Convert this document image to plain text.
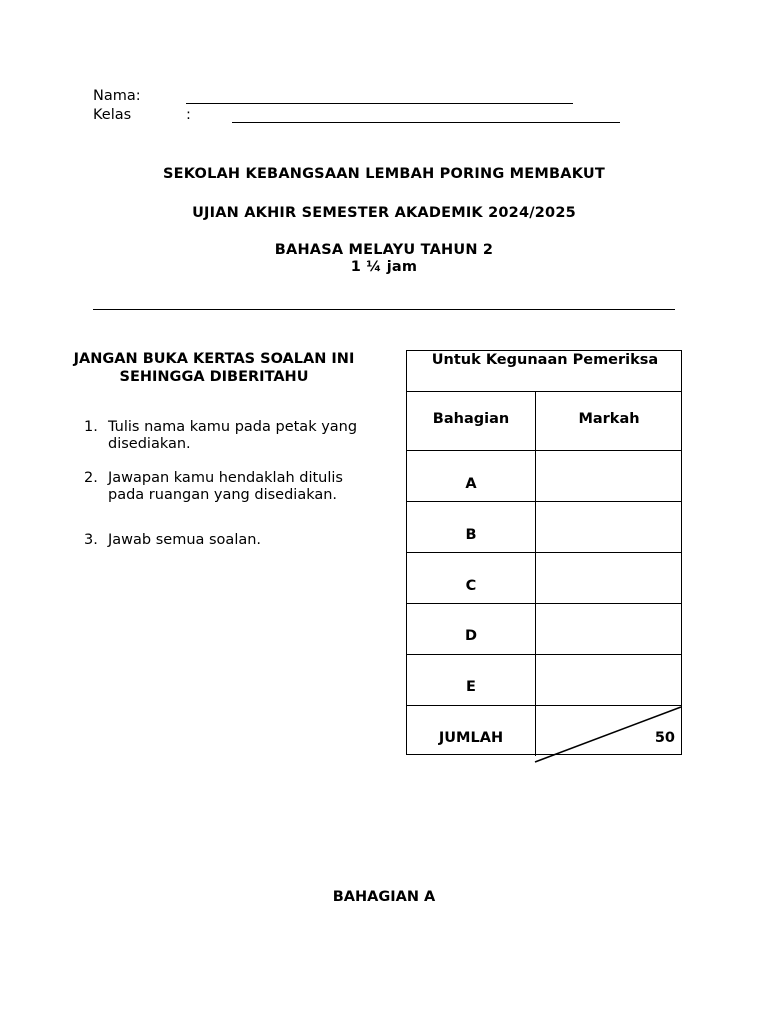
Nama:
Kelas	:
SEKOLAH KEBANGSAAN LEMBAH PORING MEMBAKUT
UJIAN AKHIR SEMESTER AKADEMIK 2024/2025
BAHASA MELAYU TAHUN 2
1 ¼ jam
JANGAN BUKA KERTAS SOALAN INI
SEHINGGA DIBERITAHU
1. Tulis nama kamu pada petak yang disediakan.
2. Jawapan kamu hendaklah ditulis pada ruangan yang disediakan.
3. Jawab semua soalan.
Untuk Kegunaan Pemeriksa
Bahagian	Markah
A
B
C
D
E
JUMLAH	50
BAHAGIAN A
